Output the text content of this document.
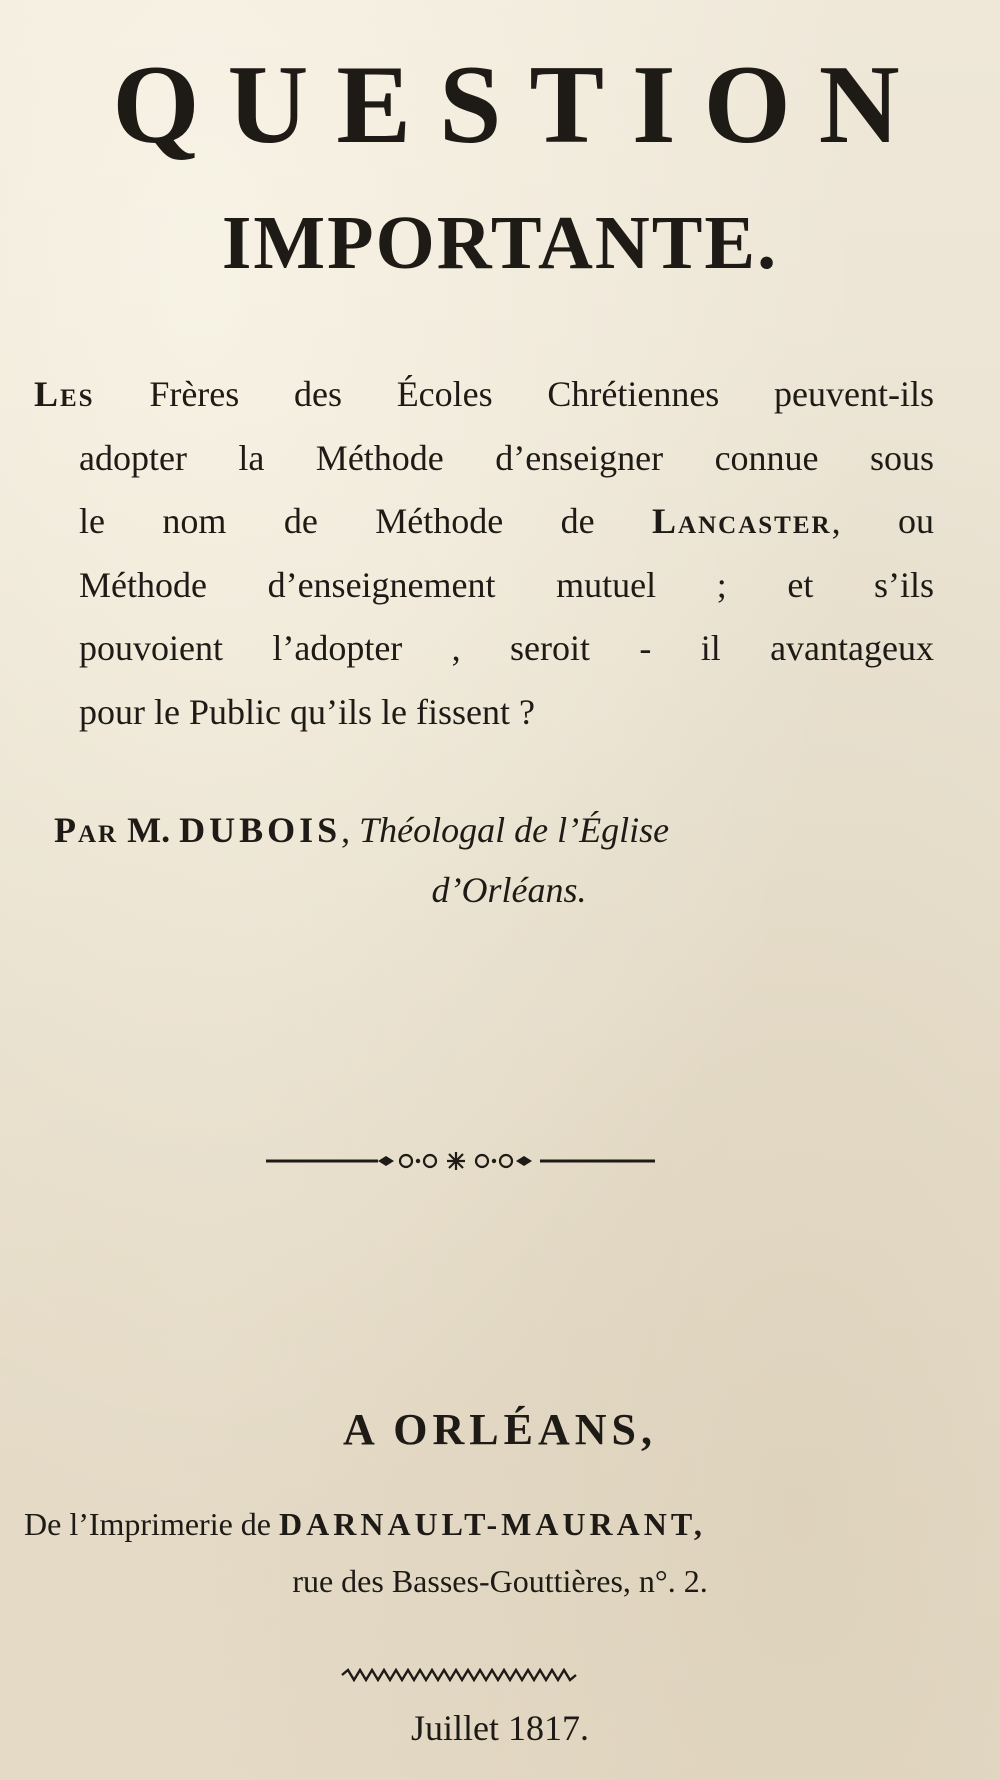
QUESTION
IMPORTANTE.
Les Frères des Écoles Chrétiennes peuvent-ils
adopter la Méthode d’enseigner connue sous
le nom de Méthode de Lancaster, ou
Méthode d’enseignement mutuel ; et s’ils
pouvoient l’adopter , seroit - il avantageux
pour le Public qu’ils le fissent ?
Par M. DUBOIS, Théologal de l’Église
d’Orléans.
A ORLÉANS,
De l’Imprimerie de DARNAULT-MAURANT,
rue des Basses-Gouttières, n°. 2.
Juillet 1817.
